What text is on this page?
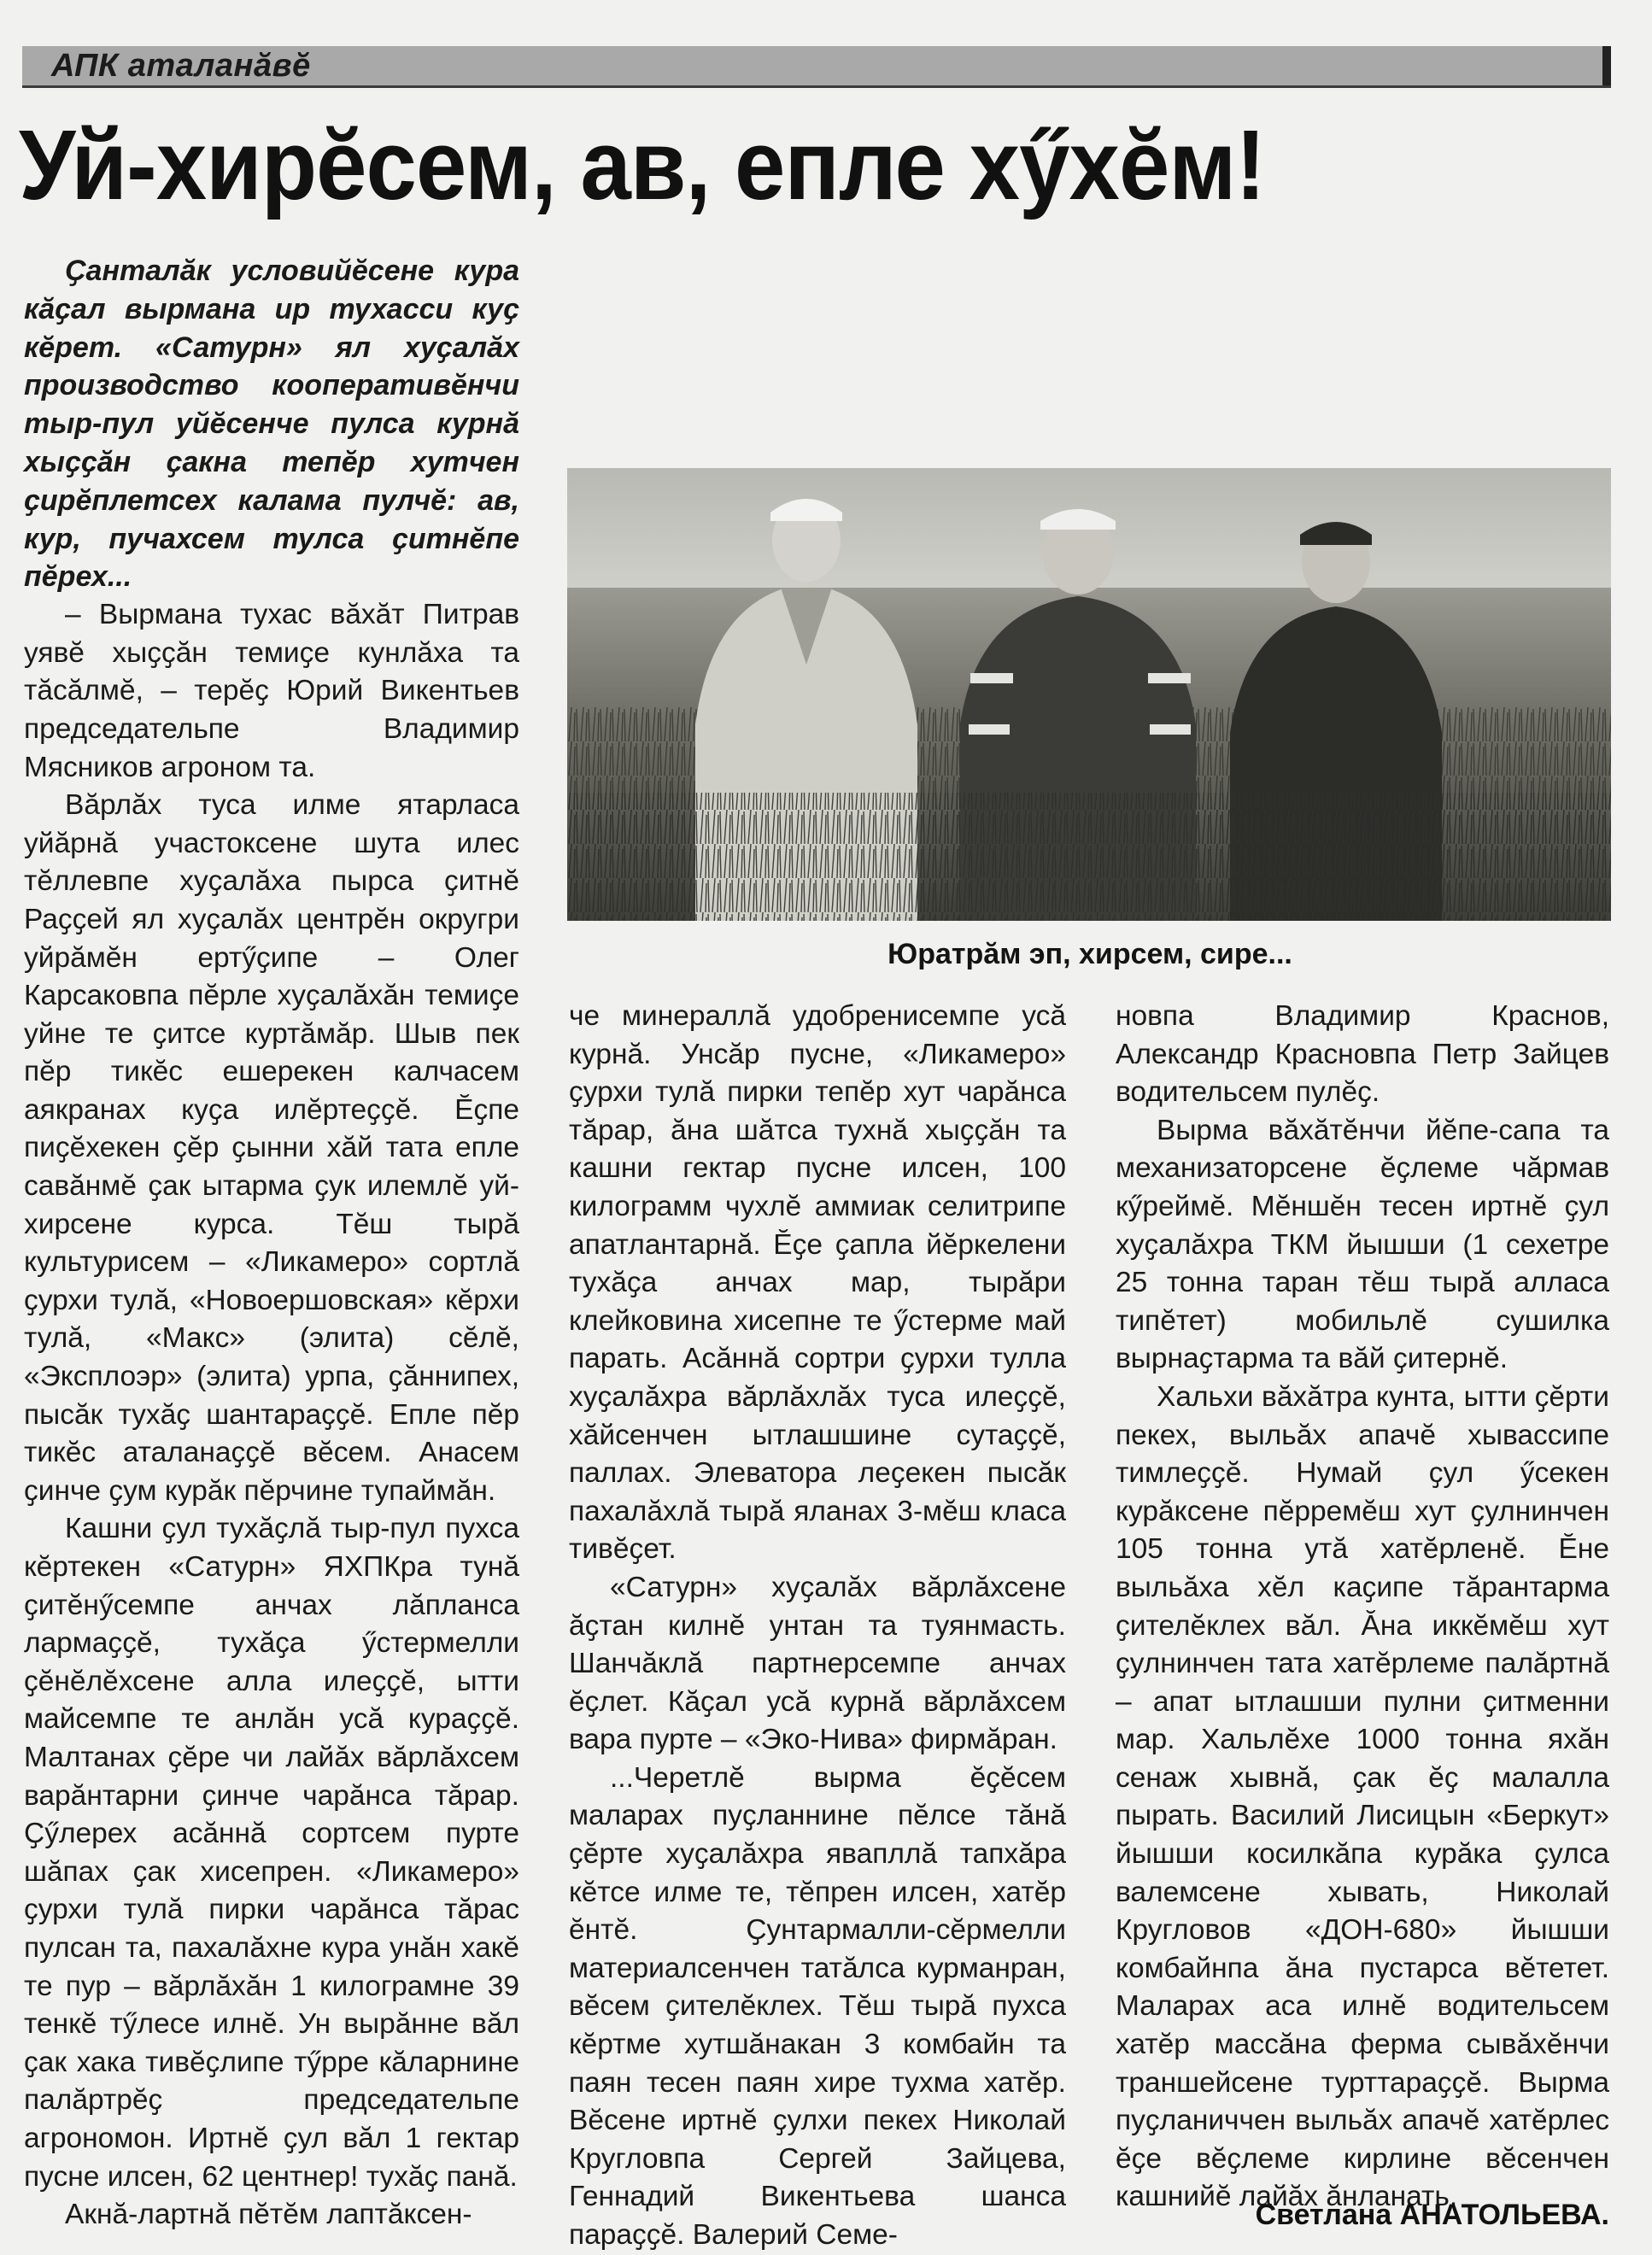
АПК аталанӑвӗ
Уй-хирӗсем, ав, епле хӳхӗм!

Ҫанталӑк условийӗсене кура кӑҫал вырмана ир тухасси куҫ кӗрет. «Сатурн» ял хуҫалӑх производство кооперативӗнчи тыр-пул уйӗсенче пулса курнӑ хыҫҫӑн ҫакна тепӗр хутчен ҫирӗплетсех калама пулчӗ: ав, кур, пучахсем тулса ҫитнӗпе пӗрех...

– Вырмана тухас вӑхӑт Питрав уявӗ хыҫҫӑн темиҫе кунлӑха та тӑсӑлмӗ, – терӗҫ Юрий Викентьев председательпе Владимир Мясников агроном та.

Вӑрлӑх туса илме ятарласа уйӑрнӑ участоксене шута илес тӗллевпе хуҫалӑха пырса ҫитнӗ Раҫҫей ял хуҫалӑх центрӗн округри уйрӑмӗн ертӳҫипе – Олег Карсаковпа пӗрле хуҫалӑхӑн темиҫе уйне те ҫитсе куртӑмӑр. Шыв пек пӗр тикӗс ешерекен калчасем аякранах куҫа илӗртеҫҫӗ. Ӗҫпе пиҫӗхекен ҫӗр ҫынни хӑй тата епле савӑнмӗ ҫак ытарма ҫук илемлӗ уй-хирсене курса. Тӗш тырӑ культурисем – «Ликамеро» сортлӑ ҫурхи тулӑ, «Новоершовская» кӗрхи тулӑ, «Макс» (элита) сӗлӗ, «Эксплоэр» (элита) урпа, ҫӑннипех, пысӑк тухӑҫ шантараҫҫӗ. Епле пӗр тикӗс аталанаҫҫӗ вӗсем. Анасем ҫинче ҫум курӑк пӗрчине тупаймӑн.

Кашни ҫул тухӑҫлӑ тыр-пул пухса кӗртекен «Сатурн» ЯХПКра тунӑ ҫитӗнӳсемпе анчах лӑпланса лармаҫҫӗ, тухӑҫа ӳстермелли ҫӗнӗлӗхсене алла илеҫҫӗ, ытти майсемпе те анлӑн усӑ кураҫҫӗ. Малтанах ҫӗре чи лайӑх вӑрлӑхсем варӑнтарни ҫинче чарӑнса тӑрар. Ҫӳлерех асӑннӑ сортсем пурте шӑпах ҫак хисепрен. «Ликамеро» ҫурхи тулӑ пирки чарӑнса тӑрас пулсан та, пахалӑхне кура унӑн хакӗ те пур – вӑрлӑхӑн 1 килограмне 39 тенкӗ тӳлесе илнӗ. Ун вырӑнне вӑл ҫак хака тивӗҫлипе тӳрре кӑларнине палӑртрӗҫ председательпе агрономон. Иртнӗ ҫул вӑл 1 гектар пусне илсен, 62 центнер! тухӑҫ панӑ.

Акнӑ-лартнӑ пӗтӗм лаптӑксен-

Юратрӑм эп, хирсем, сире...

че минераллӑ удобренисемпе усӑ курнӑ. Унсӑр пусне, «Ликамеро» ҫурхи тулӑ пирки тепӗр хут чарӑнса тӑрар, ӑна шӑтса тухнӑ хыҫҫӑн та кашни гектар пусне илсен, 100 килограмм чухлӗ аммиак селитрипе апатлантарнӑ. Ӗҫе ҫапла йӗркелени тухӑҫа анчах мар, тырӑри клейковина хисепне те ӳстерме май парать. Асӑннӑ сортри ҫурхи тулла хуҫалӑхра вӑрлӑхлӑх туса илеҫҫӗ, хӑйсенчен ытлашшине сутаҫҫӗ, паллах. Элеватора леҫекен пысӑк пахалӑхлӑ тырӑ яланах 3-мӗш класа тивӗҫет.

«Сатурн» хуҫалӑх вӑрлӑхсене ӑҫтан килнӗ унтан та туянмасть. Шанчӑклӑ партнерсемпе анчах ӗҫлет. Кӑҫал усӑ курнӑ вӑрлӑхсем вара пурте – «Эко-Нива» фирмӑран.

...Черетлӗ вырма ӗҫӗсем маларах пуҫланнине пӗлсе тӑнӑ ҫӗрте хуҫалӑхра явапллӑ тапхӑра кӗтсе илме те, тӗпрен илсен, хатӗр ӗнтӗ. Ҫунтармалли-сӗрмелли материалсенчен татӑлса курманран, вӗсем ҫителӗклех. Тӗш тырӑ пухса кӗртме хутшӑнакан 3 комбайн та паян тесен паян хире тухма хатӗр. Вӗсене иртнӗ ҫулхи пекех Николай Кругловпа Сергей Зайцева, Геннадий Викентьева шанса параҫҫӗ. Валерий Семе-

новпа Владимир Краснов, Александр Красновпа Петр Зайцев водительсем пулӗҫ.

Вырма вӑхӑтӗнчи йӗпе-сапа та механизаторсене ӗҫлеме чӑрмав кӳреймӗ. Мӗншӗн тесен иртнӗ ҫул хуҫалӑхра ТКМ йышши (1 сехетре 25 тонна таран тӗш тырӑ алласа типӗтет) мобильлӗ сушилка вырнаҫтарма та вӑй ҫитернӗ.

Хальхи вӑхӑтра кунта, ытти ҫӗрти пекех, выльӑх апачӗ хывассипе тимлеҫҫӗ. Нумай ҫул ӳсекен курӑксене пӗрремӗш хут ҫулнинчен 105 тонна утӑ хатӗрленӗ. Ӗне выльӑха хӗл каҫипе тӑрантарма ҫителӗклех вӑл. Ӑна иккӗмӗш хут ҫулнинчен тата хатӗрлеме палӑртнӑ – апат ытлашши пулни ҫитменни мар. Хальлӗхе 1000 тонна яхӑн сенаж хывнӑ, ҫак ӗҫ малалла пырать. Василий Лисицын «Беркут» йышши косилкӑпа курӑка ҫулса валемсене хывать, Николай Кругловов «ДОН-680» йышши комбайнпа ӑна пустарса вӗтетет. Маларах аса илнӗ водительсем хатӗр массӑна ферма сывӑхӗнчи траншейсене турттараҫҫӗ. Вырма пуҫланиччен выльӑх апачӗ хатӗрлес ӗҫе вӗҫлеме кирлине вӗсенчен кашнийӗ лайӑх ӑнланать.

Светлана АНАТОЛЬЕВА.
